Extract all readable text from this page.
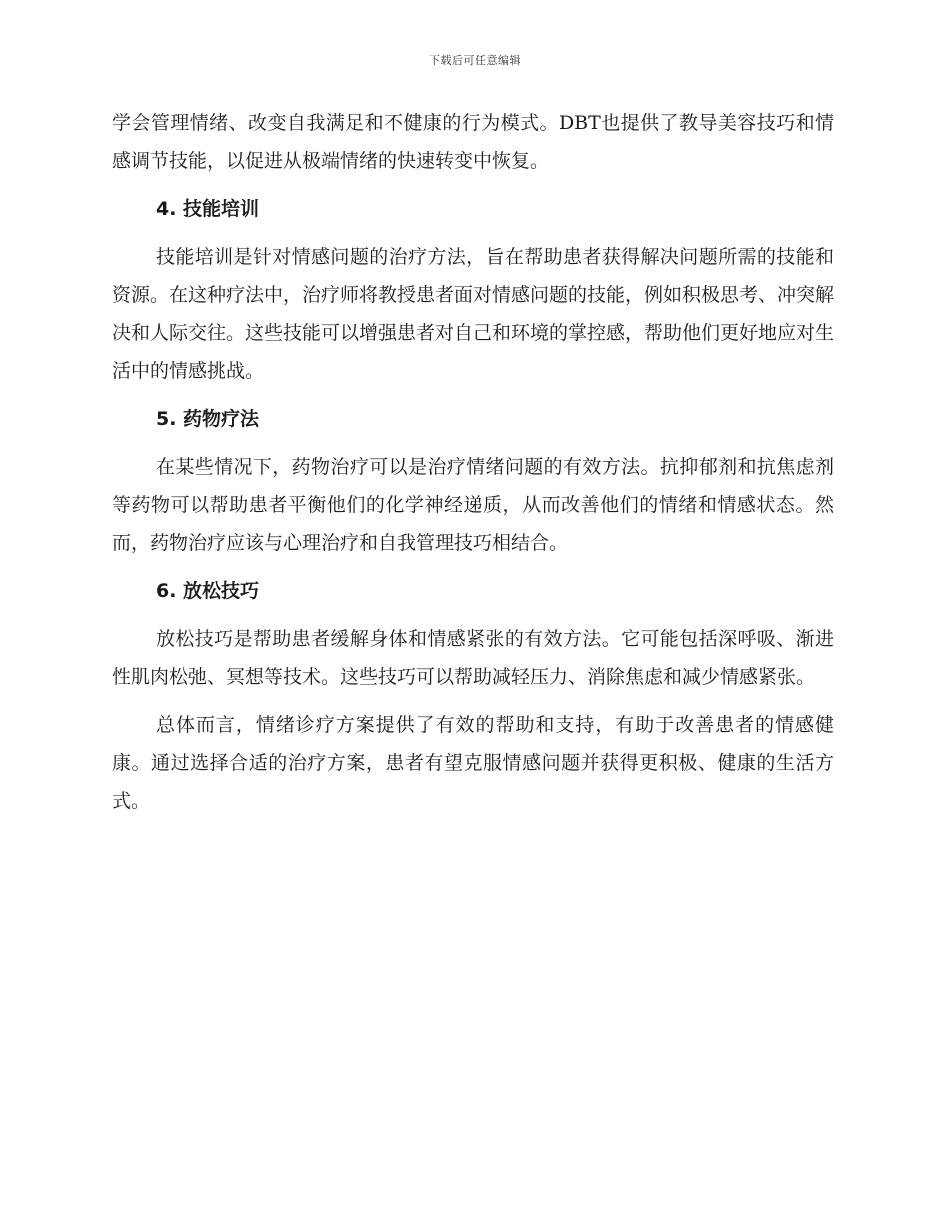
下载后可任意编辑

学会管理情绪、改变自我满足和不健康的行为模式。DBT也提供了教导美容技巧和情感调节技能，以促进从极端情绪的快速转变中恢复。

4. 技能培训

技能培训是针对情感问题的治疗方法，旨在帮助患者获得解决问题所需的技能和资源。在这种疗法中，治疗师将教授患者面对情感问题的技能，例如积极思考、冲突解决和人际交往。这些技能可以增强患者对自己和环境的掌控感，帮助他们更好地应对生活中的情感挑战。

5. 药物疗法

在某些情况下，药物治疗可以是治疗情绪问题的有效方法。抗抑郁剂和抗焦虑剂等药物可以帮助患者平衡他们的化学神经递质，从而改善他们的情绪和情感状态。然而，药物治疗应该与心理治疗和自我管理技巧相结合。

6. 放松技巧

放松技巧是帮助患者缓解身体和情感紧张的有效方法。它可能包括深呼吸、渐进性肌肉松弛、冥想等技术。这些技巧可以帮助减轻压力、消除焦虑和减少情感紧张。

总体而言，情绪诊疗方案提供了有效的帮助和支持，有助于改善患者的情感健康。通过选择合适的治疗方案，患者有望克服情感问题并获得更积极、健康的生活方式。
